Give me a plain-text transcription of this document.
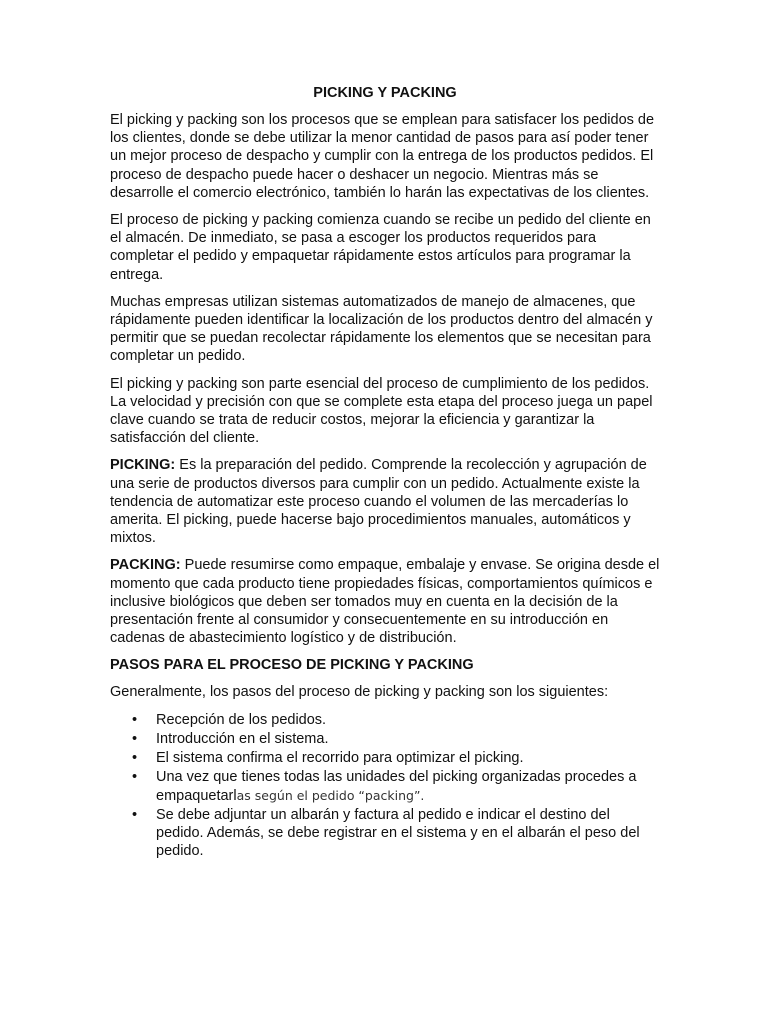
PICKING Y PACKING

El picking y packing son los procesos que se emplean para satisfacer los pedidos de los clientes, donde se debe utilizar la menor cantidad de pasos para así poder tener un mejor proceso de despacho y cumplir con la entrega de los productos pedidos. El proceso de despacho puede hacer o deshacer un negocio. Mientras más se desarrolle el comercio electrónico, también lo harán las expectativas de los clientes.

El proceso de picking y packing comienza cuando se recibe un pedido del cliente en el almacén. De inmediato, se pasa a escoger los productos requeridos para completar el pedido y empaquetar rápidamente estos artículos para programar la entrega.

Muchas empresas utilizan sistemas automatizados de manejo de almacenes, que rápidamente pueden identificar la localización de los productos dentro del almacén y permitir que se puedan recolectar rápidamente los elementos que se necesitan para completar un pedido.

El picking y packing son parte esencial del proceso de cumplimiento de los pedidos. La velocidad y precisión con que se complete esta etapa del proceso juega un papel clave cuando se trata de reducir costos, mejorar la eficiencia y garantizar la satisfacción del cliente.

PICKING: Es la preparación del pedido. Comprende la recolección y agrupación de una serie de productos diversos para cumplir con un pedido. Actualmente existe la tendencia de automatizar este proceso cuando el volumen de las mercaderías lo amerita. El picking, puede hacerse bajo procedimientos manuales, automáticos y mixtos.

PACKING: Puede resumirse como empaque, embalaje y envase. Se origina desde el momento que cada producto tiene propiedades físicas, comportamientos químicos e inclusive biológicos que deben ser tomados muy en cuenta en la decisión de la presentación frente al consumidor y consecuentemente en su introducción en cadenas de abastecimiento logístico y de distribución.

PASOS PARA EL PROCESO DE PICKING Y PACKING

Generalmente, los pasos del proceso de picking y packing son los siguientes:

• Recepción de los pedidos.
• Introducción en el sistema.
• El sistema confirma el recorrido para optimizar el picking.
• Una vez que tienes todas las unidades del picking organizadas procedes a empaquetarlas según el pedido “packing”.
• Se debe adjuntar un albarán y factura al pedido e indicar el destino del pedido. Además, se debe registrar en el sistema y en el albarán el peso del pedido.
